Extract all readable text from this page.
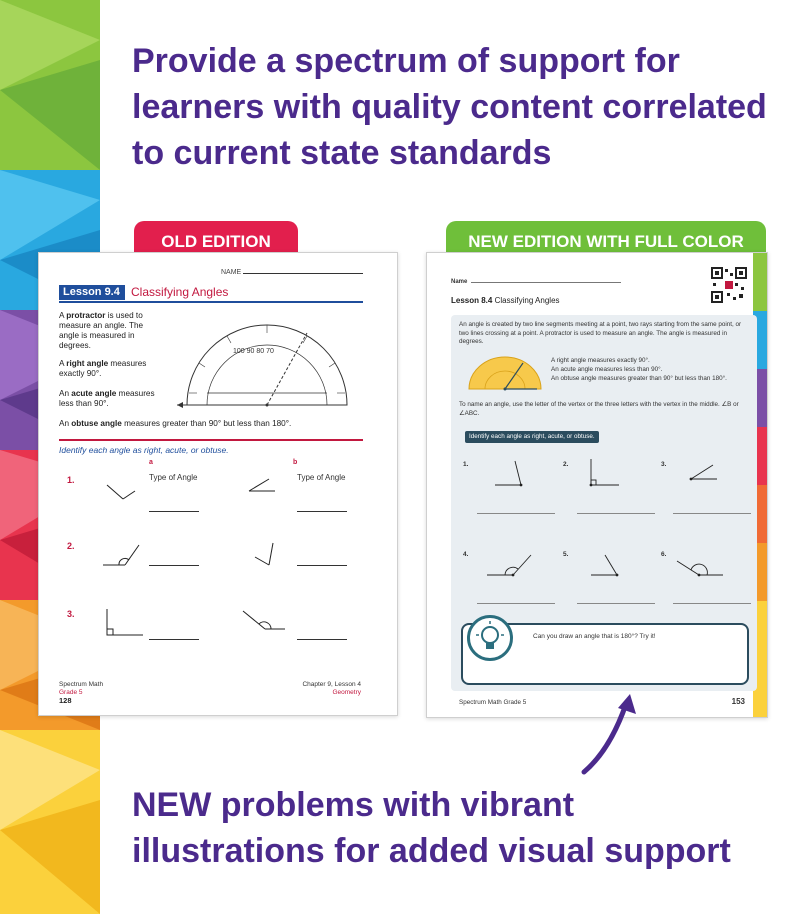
Provide a spectrum of support for learners with quality content correlated to current state standards
OLD EDITION	NEW EDITION WITH FULL COLOR
NAME
Lesson 9.4 Classifying Angles
A protractor is used to measure an angle. The angle is measured in degrees.
A right angle measures exactly 90°.
An acute angle measures less than 90°.
An obtuse angle measures greater than 90° but less than 180°.
100 90 80 70
Identify each angle as right, acute, or obtuse.
a	b
1.	Type of Angle	Type of Angle
2.
3.
Spectrum Math
Grade 5
128
Chapter 9, Lesson 4
Geometry
Name
Lesson 8.4 Classifying Angles
An angle is created by two line segments meeting at a point, two rays starting from the same point, or two lines crossing at a point. A protractor is used to measure an angle. The angle is measured in degrees.
A right angle measures exactly 90°.
An acute angle measures less than 90°.
An obtuse angle measures greater than 90° but less than 180°.
To name an angle, use the letter of the vertex or the three letters with the vertex in the middle. ∠B or ∠ABC.
Identify each angle as right, acute, or obtuse.
1.	2.	3.
4.	5.	6.
Can you draw an angle that is 180°? Try it!
Spectrum Math Grade 5	153
NEW problems with vibrant illustrations for added visual support
